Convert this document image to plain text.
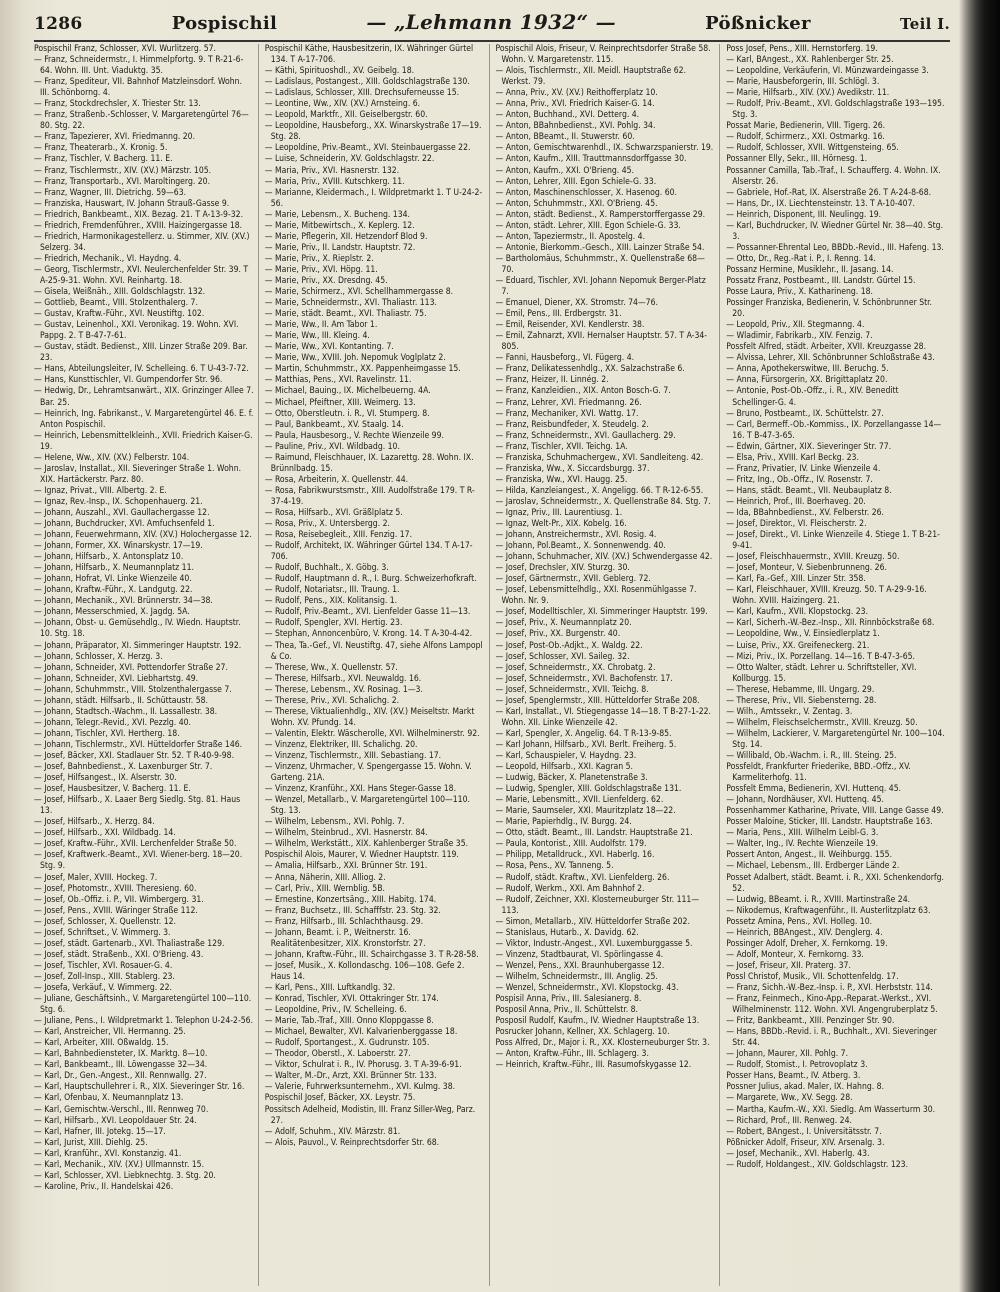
1286	Pospischil	— „Lehmann 1932“ —	Pößnicker	Teil I.

Pospischil Franz, Schlosser, XVI. Wurlitzerg. 57.

— Franz, Schneidermstr., I. Himmelpfortg. 9. T R-21-6-64. Wohn. III. Unt. Viaduktg. 35.

— Franz, Spediteur, VII. Bahnhof Matzleinsdorf. Wohn. III. Schönborng. 4.

— Franz, Stockdrechsler, X. Triester Str. 13.

— Franz, Straßenb.-Schlosser, V. Margaretengürtel 76—80. Stg. 22.

— Franz, Tapezierer, XVI. Friedmanng. 20.

— Franz, Theaterarb., X. Kronig. 5.

— Franz, Tischler, V. Bacherg. 11. E.

— Franz, Tischlermstr., XIV. (XV.) Märzstr. 105.

— Franz, Transportarb., XVI. Maroltingerg. 20.

— Franz, Wagner, III. Dietrichg. 59—63.

— Franziska, Hauswart, IV. Johann Strauß-Gasse 9.

— Friedrich, Bankbeamt., XIX. Bezag. 21. T A-13-9-32.

— Friedrich, Fremdenführer., XVIII. Haizingergasse 18.

— Friedrich, Harmonikagestellerz. u. Stimmer, XIV. (XV.) Selzerg. 34.

— Friedrich, Mechanik., VI. Haydng. 4.

— Georg, Tischlermstr., XVI. Neulerchenfelder Str. 39. T A-25-9-31. Wohn. XVI. Reinhartg. 18.

— Gisela, Weißnäh., XIII. Goldschlagstr. 132.

— Gottlieb, Beamt., VIII. Stolzenthalerg. 7.

— Gustav, Kraftw.-Führ., XVI. Neustiftg. 102.

— Gustav, Leinenhol., XXI. Veronikag. 19. Wohn. XVI. Pappg. 2. T B-47-7-61.

— Gustav, städt. Bedienst., XIII. Linzer Straße 209. Bar. 23.

— Hans, Abteilungsleiter, IV. Schelleing. 6. T U-43-7-72.

— Hans, Kunsttischler, VI. Gumpendorfer Str. 96.

— Hedwig, Dr., Lehramtsanwärt., XIX. Grinzinger Allee 7. Bar. 25.

— Heinrich, Ing. Fabrikanst., V. Margaretengürtel 46. E. f. Anton Pospischil.

— Heinrich, Lebensmittelkleinh., XVII. Friedrich Kaiser-G. 19.

— Helene, Ww., XIV. (XV.) Felberstr. 104.

— Jaroslav, Installat., XII. Sieveringer Straße 1. Wohn. XIX. Hartäckerstr. Parz. 80.

— Ignaz, Privat., VIII. Albertg. 2. E.

— Ignaz, Rev.-Insp., IX. Schopenhauerg. 21.

— Johann, Auszahl., XVI. Gaullachergasse 12.

— Johann, Buchdrucker, XVI. Amfuchsenfeld 1.

— Johann, Feuerwehrmann, XIV. (XV.) Holochergasse 12.

— Johann, Former, XX. Winarskystr. 17—19.

— Johann, Hilfsarb., X. Antonsplatz 10.

— Johann, Hilfsarb., X. Neumannplatz 11.

— Johann, Hofrat, VI. Linke Wienzeile 40.

— Johann, Kraftw.-Führ., X. Landgutg. 22.

— Johann, Mechanik., XVI. Brünnerstr. 34—38.

— Johann, Messerschmied, X. Jagdg. 5A.

— Johann, Obst- u. Gemüsehdlg., IV. Wiedn. Hauptstr. 10. Stg. 18.

— Johann, Präparator, XI. Simmeringer Hauptstr. 192.

— Johann, Schlosser, X. Herzg. 3.

— Johann, Schneider, XVI. Pottendorfer Straße 27.

— Johann, Schneider, XVI. Liebhartstg. 49.

— Johann, Schuhmmstr., VIII. Stolzenthalergasse 7.

— Johann, städt. Hilfsarb., II. Schüttaustr. 58.

— Johann, Stadtsch.-Wachm., II. Lassallestr. 38.

— Johann, Telegr.-Revid., XVI. Pezzlg. 40.

— Johann, Tischler, XVI. Hertherg. 18.

— Johann, Tischlermstr., XVI. Hütteldorfer Straße 146.

— Josef, Bäcker, XXI. Stadlauer Str. 52. T R-40-9-98.

— Josef, Bahnbedienst., X. Laxenburger Str. 7.

— Josef, Hilfsangest., IX. Alserstr. 30.

— Josef, Hausbesitzer, V. Bacherg. 11. E.

— Josef, Hilfsarb., X. Laaer Berg Siedlg. Stg. 81. Haus 13.

— Josef, Hilfsarb., X. Herzg. 84.

— Josef, Hilfsarb., XXI. Wildbadg. 14.

— Josef, Kraftw.-Führ., XVII. Lerchenfelder Straße 50.

— Josef, Kraftwerk.-Beamt., XVI. Wiener-berg. 18—20. Stg. 9.

— Josef, Maler, XVIII. Hockeg. 7.

— Josef, Photomstr., XVIII. Theresieng. 60.

— Josef, Ob.-Offiz. i. P., VII. Wimbergerg. 31.

— Josef, Pens., XVIII. Wäringer Straße 112.

— Josef, Schlosser, X. Quellenstr. 12.

— Josef, Schriftset., V. Wimmerg. 3.

— Josef, städt. Gartenarb., XVI. Thaliastraße 129.

— Josef, städt. Straßenb., XXI. O'Brieng. 43.

— Josef, Tischler, XVI. Rosauer-G. 4.

— Josef, Zoll-Insp., XIII. Stablerg. 23.

— Josefa, Verkäuf., V. Wimmerg. 22.

— Juliane, Geschäftsinh., V. Margaretengürtel 100—110. Stg. 6.

— Juliane, Pens., I. Wildpretmarkt 1. Telephon U-24-2-56.

— Karl, Anstreicher, VII. Hermanng. 25.

— Karl, Arbeiter, XIII. Oßwaldg. 15.

— Karl, Bahnbediensteter, IX. Marktg. 8—10.

— Karl, Bankbeamt., III. Löwengasse 32—34.

— Karl, Dr., Gen.-Angest., XII. Rennwallg. 27.

— Karl, Hauptschullehrer i. R., XIX. Sieveringer Str. 16.

— Karl, Ofenbau, X. Neumannplatz 13.

— Karl, Gemischtw.-Verschl., III. Rennweg 70.

— Karl, Hilfsarb., XVI. Leopoldauer Str. 24.

— Karl, Hafner, III. Jotekg. 15—17.

— Karl, Jurist, XIII. Diehlg. 25.

— Karl, Kranführ., XVI. Konstanzig. 41.

— Karl, Mechanik., XIV. (XV.) Ullmannstr. 15.

— Karl, Schlosser, XVI. Liebknechtg. 3. Stg. 20.

— Karoline, Priv., II. Handelskai 426.

Pospischil Käthe, Hausbesitzerin, IX. Währinger Gürtel 134. T A-17-706.

— Käthi, Spirituoshdl., XV. Geibelg. 18.

— Ladislaus, Postangest., XIII. Goldschlagstraße 130.

— Ladislaus, Schlosser, XIII. Drechsuferneusse 15.

— Leontine, Ww., XIV. (XV.) Arnsteing. 6.

— Leopold, Marktfr., XII. Geiselbergstr. 60.

— Leopoldine, Hausbeforg., XX. Winarskystraße 17—19. Stg. 28.

— Leopoldine, Priv.-Beamt., XVI. Steinbauergasse 22.

— Luise, Schneiderin, XV. Goldschlagstr. 22.

— Maria, Priv., XVI. Hasnerstr. 132.

— Maria, Priv., XVIII. Kutschkerg. 11.

— Marianne, Kleidermach., I. Wildpretmarkt 1. T U-24-2-56.

— Marie, Lebensm., X. Bucheng. 134.

— Marie, Mitbewirtsch., X. Keplerg. 12.

— Marie, Pflegerin, XII. Hetzendorf Blod 9.

— Marie, Priv., II. Landstr. Hauptstr. 72.

— Marie, Priv., X. Rieplstr. 2.

— Marie, Priv., XVI. Höpg. 11.

— Marie, Priv., XX. Dresdng. 45.

— Marie, Schirmerz., XVI. Schellhammergasse 8.

— Marie, Schneidermstr., XVI. Thaliastr. 113.

— Marie, städt. Beamt., XVI. Thaliastr. 75.

— Marie, Ww., II. Am Tabor 1.

— Marie, Ww., III. Kleing. 4.

— Marie, Ww., XVI. Kontanting. 7.

— Marie, Ww., XVIII. Joh. Nepomuk Voglplatz 2.

— Martin, Schuhmmstr., XX. Pappenheimgasse 15.

— Matthias, Pens., XVI. Ravelinstr. 11.

— Michael, Bauing., IX. Michelbeuerng. 4A.

— Michael, Pfeiftner, XIII. Weimerg. 13.

— Otto, Oberstleutn. i. R., VI. Stumperg. 8.

— Paul, Bankbeamt., XV. Staalg. 14.

— Paula, Hausbesorg., V. Rechte Wienzeile 99.

— Pauline, Priv., XVI. Wildbadg. 10.

— Raimund, Fleischhauer, IX. Lazarettg. 28. Wohn. IX. Brünnlbadg. 15.

— Rosa, Arbeiterin, X. Quellenstr. 44.

— Rosa, Fabrikwurstsmstr., XIII. Audolfstraße 179. T R-37-4-19.

— Rosa, Hilfsarb., XVI. Gräßlplatz 5.

— Rosa, Priv., X. Untersbergg. 2.

— Rosa, Reisebegleit., XIII. Fenzig. 17.

— Rudolf, Architekt, IX. Währinger Gürtel 134. T A-17-706.

— Rudolf, Buchhalt., X. Göbg. 3.

— Rudolf, Hauptmann d. R., I. Burg. Schweizerhofkraft.

— Rudolf, Notariatsr., III. Traung. 1.

— Rudolf, Pens., XIX. Kolitansig. 1.

— Rudolf, Priv.-Beamt., XVI. Lienfelder Gasse 11—13.

— Rudolf, Spengler, XVI. Hertig. 23.

— Stephan, Annoncenbüro, V. Krong. 14. T A-30-4-42.

— Thea, Ta.-Gef., VI. Neustiftg. 47, siehe Alfons Lampopl & Co.

— Therese, Ww., X. Quellenstr. 57.

— Therese, Hilfsarb., XVI. Neuwaldg. 16.

— Therese, Lebensm., XV. Rosinag. 1—3.

— Therese, Priv., XVI. Schalichg. 2.

— Therese, Viktualienhdlg., XIV. (XV.) Meiseltstr. Markt Wohn. XV. Pfundg. 14.

— Valentin, Elektr. Wäscherolle, XVI. Wilhelminerstr. 92.

— Vinzenz, Elektriker, III. Schalichg. 20.

— Vinzenz, Tischlermstr., XIII. Sebastiang. 17.

— Vinzenz, Uhrmacher, V. Spengergasse 15. Wohn. V. Garteng. 21A.

— Vinzenz, Kranführ., XXI. Hans Steger-Gasse 18.

— Wenzel, Metallarb., V. Margaretengürtel 100—110. Stg. 13.

— Wilhelm, Lebensm., XVI. Pohlg. 7.

— Wilhelm, Steinbrud., XVI. Hasnerstr. 84.

— Wilhelm, Werkstätt., XIX. Kahlenberger Straße 35.

Pospischil Alois, Maurer, V. Wiedner Hauptstr. 119.

— Amalia, Hilfsarb., XXI. Brünner Str. 191.

— Anna, Näherin, XIII. Alliog. 2.

— Carl, Priv., XIII. Wernblig. 5B.

— Ernestine, Konzertsäng., XIII. Habitg. 174.

— Franz, Buchsetz., III. Schafffstr. 23. Stg. 32.

— Franz, Hilfsarb., III. Schlachthausg. 29.

— Johann, Beamt. i. P., Weitnerstr. 16. Realitätenbesitzer, XIX. Kronstorfstr. 27.

— Johann, Kraftw.-Führ., III. Schairchgasse 3. T R-28-58.

— Josef, Musik., X. Kollondaschg. 106—108. Gefe 2. Haus 14.

— Karl, Pens., XIII. Luftkandlg. 32.

— Konrad, Tischler, XVI. Ottakringer Str. 174.

— Leopoldine, Priv., IV. Schelleing. 6.

— Marie, Tab.-Traf., XIII. Onno Kloppgasse 8.

— Michael, Bewalter, XVI. Kalvarienberggasse 18.

— Rudolf, Sportangest., X. Gudrunstr. 105.

— Theodor, Oberstl., X. Laboerstr. 27.

— Viktor, Schulrat i. R., IV. Phorusg. 3. T A-39-6-91.

— Walter, M.-Dr., Arzt, XXI. Brünner Str. 133.

— Valerie, Fuhrwerksunternehm., XVI. Kulmg. 38.

Pospischil Josef, Bäcker, XX. Leystr. 75.

Possitsch Adelheid, Modistin, III. Franz Siller-Weg, Parz. 27.

— Adolf, Schuhm., XIV. Märzstr. 81.

— Alois, Pauvol., V. Reinprechtsdorfer Str. 68.

Pospischil Alois, Friseur, V. Reinprechtsdorfer Straße 58. Wohn. V. Margaretenstr. 115.

— Alois, Tischlermstr., XII. Meidl. Hauptstraße 62. Werkst. 79.

— Anna, Priv., XV. (XV.) Reithofferplatz 10.

— Anna, Priv., XVI. Friedrich Kaiser-G. 14.

— Anton, Buchhand., XVI. Detterg. 4.

— Anton, BBahnbedienst., XVI. Pohlg. 34.

— Anton, BBeamt., II. Stuwerstr. 60.

— Anton, Gemischtwarenhdl., IX. Schwarzspanierstr. 19.

— Anton, Kaufm., XIII. Trauttmannsdorffgasse 30.

— Anton, Kaufm., XXI. O'Brieng. 45.

— Anton, Lehrer, XIII. Egon Schiele-G. 33.

— Anton, Maschinenschlosser, X. Hasenog. 60.

— Anton, Schuhmmstr., XXI. O'Brieng. 45.

— Anton, städt. Bedienst., X. Ramperstorffergasse 29.

— Anton, städt. Lehrer, XIII. Egon Schiele-G. 33.

— Anton, Tapeziermstr., II. Apostelg. 4.

— Antonie, Bierkomm.-Gesch., XIII. Lainzer Straße 54.

— Bartholomäus, Schuhmmstr., X. Quellenstraße 68—70.

— Eduard, Tischler, XVI. Johann Nepomuk Berger-Platz 7.

— Emanuel, Diener, XX. Stromstr. 74—76.

— Emil, Pens., III. Erdbergstr. 31.

— Emil, Reisender, XVI. Kendlerstr. 38.

— Emil, Zahnarzt, XVII. Hernalser Hauptstr. 57. T A-34-805.

— Fanni, Hausbeforg., VI. Fügerg. 4.

— Franz, Delikatessenhdlg., XX. Salzachstraße 6.

— Franz, Heizer, II. Linnég. 2.

— Franz, Kanzleidien., XIX. Anton Bosch-G. 7.

— Franz, Lehrer, XVI. Friedmanng. 26.

— Franz, Mechaniker, XVI. Wattg. 17.

— Franz, Reisbundfeder, X. Steudelg. 2.

— Franz, Schneidermstr., XVI. Gaullacherg. 29.

— Franz, Tischler, XVII. Teichg. 1A.

— Franziska, Schuhmachergew., XVI. Sandleiteng. 42.

— Franziska, Ww., X. Siccardsburgg. 37.

— Franziska, Ww., XVI. Haugg. 25.

— Hilda, Kanzleiangest., X. Angeligg. 66. T R-12-6-55.

— Jaroslav, Schneidermstr., X. Quellenstraße 84. Stg. 7.

— Ignaz, Priv., III. Laurentiusg. 1.

— Ignaz, Welt-Pr., XIX. Kobelg. 16.

— Johann, Anstreichermstr., XVI. Rosig. 4.

— Johann, Pol.Beamt., X. Sonnenwendg. 40.

— Johann, Schuhmacher, XIV. (XV.) Schwendergasse 42.

— Josef, Drechsler, XIV. Sturzg. 30.

— Josef, Gärtnermstr., XVII. Geblerg. 72.

— Josef, Lebensmittelhdlg., XXI. Rosenmühlgasse 7. Wohn. Nr. 9.

— Josef, Modelltischler, XI. Simmeringer Hauptstr. 199.

— Josef, Priv., X. Neumannplatz 20.

— Josef, Priv., XX. Burgenstr. 40.

— Josef, Post-Ob.-Adjkt., X. Waldg. 22.

— Josef, Schlosser, XVI. Saileg. 32.

— Josef, Schneidermstr., XX. Chrobatg. 2.

— Josef, Schneidermstr., XVI. Bachofenstr. 17.

— Josef, Schneidermstr., XVII. Teichg. 8.

— Josef, Spenglermstr., XIII. Hütteldorfer Straße 208.

— Karl, Installat., VI. Stiegengasse 14—18. T B-27-1-22. Wohn. XII. Linke Wienzeile 42.

— Karl, Spengler, X. Angelig. 64. T R-13-9-85.

— Karl Johann, Hilfsarb., XVI. Berlt. Freiherg. 5.

— Karl, Schauspieler, V. Haydng. 23.

— Leopold, Hilfsarb., XXI. Kagran 5.

— Ludwig, Bäcker, X. Planetenstraße 3.

— Ludwig, Spengler, XIII. Goldschlagstraße 131.

— Marie, Lebensmitt., XVII. Lienfelderg. 62.

— Marie, Saumseler, XXI. Mauritzplatz 18—22.

— Marie, Papierhdlg., IV. Burgg. 24.

— Otto, städt. Beamt., III. Landstr. Hauptstraße 21.

— Paula, Kontorist., XIII. Audolfstr. 179.

— Philipp, Metalldruck., XVI. Haberlg. 16.

— Rosa, Pens., XV. Tanneng. 5.

— Rudolf, städt. Kraftw., XVI. Lienfelderg. 26.

— Rudolf, Werkm., XXI. Am Bahnhof 2.

— Rudolf, Zeichner, XXI. Klosterneuburger Str. 111—113.

— Simon, Metallarb., XIV. Hütteldorfer Straße 202.

— Stanislaus, Hutarb., X. Davidg. 62.

— Viktor, Industr.-Angest., XVI. Luxemburggasse 5.

— Vinzenz, Stadtbaurat, VI. Spörlingasse 4.

— Wenzel, Pens., XXI. Braunhubergasse 12.

— Wilhelm, Schneidermstr., III. Anglig. 25.

— Wenzel, Schneidermstr., XVI. Klopstockg. 43.

Pospisil Anna, Priv., III. Salesianerg. 8.

Posposil Anna, Priv., II. Schüttelstr. 8.

Posposil Rudolf, Kaufm., IV. Wiedner Hauptstraße 13.

Posrucker Johann, Kellner, XX. Schlagerg. 10.

Poss Alfred, Dr., Major i. R., XX. Klosterneuburger Str. 3.

— Anton, Kraftw.-Führ., III. Schlagerg. 3.

— Heinrich, Kraftw.-Führ., III. Rasumofskygasse 12.

Poss Josef, Pens., XIII. Hernstorferg. 19.

— Karl, BAngest., XX. Rahlenberger Str. 25.

— Leopoldine, Verkäuferin, VI. Münzwardeingasse 3.

— Marie, Hausbeforgerin, III. Schlögl. 3.

— Marie, Hilfsarb., XIV. (XV.) Avedikstr. 11.

— Rudolf, Priv.-Beamt., XVI. Goldschlagstraße 193—195. Stg. 3.

Possat Marie, Bedienerin, VIII. Tigerg. 26.

— Rudolf, Schirmerz., XXI. Ostmarkg. 16.

— Rudolf, Schlosser, XVII. Wittgensteing. 65.

Possanner Elly, Sekr., III. Hörnesg. 1.

Possanner Camilla, Tab.-Traf., I. Schaufferg. 4. Wohn. IX. Alserstr. 26.

— Gabriele, Hof.-Rat, IX. Alserstraße 26. T A-24-8-68.

— Hans, Dr., IX. Liechtensteinstr. 13. T A-10-407.

— Heinrich, Disponent, III. Neulingg. 19.

— Karl, Buchdrucker, IV. Wiedner Gürtel Nr. 38—40. Stg. 3.

— Possanner-Ehrental Leo, BBDb.-Revid., III. Hafeng. 13.

— Otto, Dr., Reg.-Rat i. P., I. Renng. 14.

Possanz Hermine, Musiklehr., II. Jasang. 14.

Possatz Franz, Postbeamt., III. Landstr. Gürtel 15.

Posse Laura, Priv., X. Katharineng. 18.

Possinger Franziska, Bedienerin, V. Schönbrunner Str. 20.

— Leopold, Priv., XII. Stegmanng. 4.

— Wladimir, Fabrikarb., XIV. Fenzig. 7.

Possfelt Alfred, städt. Arbeiter, XVII. Kreuzgasse 28.

— Alvissa, Lehrer, XII. Schönbrunner Schloßstraße 43.

— Anna, Apothekerswitwe, III. Beruchg. 5.

— Anna, Fürsorgerin, XX. Brigittaplatz 20.

— Antonie, Post-Ob.-Offz., i. R., XIV. Beneditt Schellinger-G. 4.

— Bruno, Postbeamt., IX. Schüttelstr. 27.

— Carl, Bermeff.-Ob.-Kommiss., IX. Porzellangasse 14—16. T B-47-3-65.

— Edwin, Gärtner, XIX. Sieveringer Str. 77.

— Elsa, Priv., XVIII. Karl Beckg. 23.

— Franz, Privatier, IV. Linke Wienzeile 4.

— Fritz, Ing., Ob.-Offz., IV. Rosenstr. 7.

— Hans, städt. Beamt., VII. Neubauplatz 8.

— Heinrich, Prof., III. Boerhaveg. 20.

— Ida, BBahnbedienst., XV. Felberstr. 26.

— Josef, Direktor., VI. Fleischerstr. 2.

— Josef, Direkt., VI. Linke Wienzeile 4. Stiege 1. T B-21-9-41.

— Josef, Fleischhauermstr., XVIII. Kreuzg. 50.

— Josef, Monteur, V. Siebenbrunneng. 26.

— Karl, Fa.-Gef., XIII. Linzer Str. 358.

— Karl, Fleischhauer, XVIII. Kreuzg. 50. T A-29-9-16. Wohn. XVIII. Haizingerg. 21.

— Karl, Kaufm., XVII. Klopstockg. 23.

— Karl, Sicherh.-W.-Bez.-Insp., XII. Rinnböckstraße 68.

— Leopoldine, Ww., V. Einsiedlerplatz 1.

— Luise, Priv., XX. Greifeneckerg. 21.

— Mizi, Priv., IX. Porzellang. 14—16. T B-47-3-65.

— Otto Walter, städt. Lehrer u. Schriftsteller, XVI. Kollburgg. 15.

— Therese, Hebamme, III. Ungarg. 29.

— Therese, Priv., VII. Siebensterng. 28.

— Wilh., Amtssekr., V. Zentag. 3.

— Wilhelm, Fleischselchermstr., XVIII. Kreuzg. 50.

— Wilhelm, Lackierer, V. Margaretengürtel Nr. 100—104. Stg. 14.

— Willibald, Ob.-Wachm. i. R., III. Steing. 25.

Possfeldt, Frankfurter Friederike, BBD.-Offz., XV. Karmeliterhofg. 11.

Possfelt Emma, Bedienerin, XVI. Huttenq. 45.

— Johann, Nordhäuser, XVI. Huttenq. 45.

Possenhammer Katharine, Private, VIII. Lange Gasse 49.

Posser Maloine, Sticker, III. Landstr. Hauptstraße 163.

— Maria, Pens., XIII. Wilhelm Leibl-G. 3.

— Walter, Ing., IV. Rechte Wienzeile 19.

Possert Anton, Angest., II. Weihburgg. 155.

— Michael, Lebensm., III. Erdberger Lände 2.

Posset Adalbert, städt. Beamt. i. R., XXI. Schenkendorfg. 52.

— Ludwig, BBeamt. i. R., XVIII. Martinstraße 24.

— Nikodemus, Kraftwagenführ., II. Austerlitzplatz 63.

Possetz Amina, Pens., XVI. Holleg. 10.

— Heinrich, BBAngest., XIV. Denglerg. 4.

Possinger Adolf, Dreher, X. Fernkorng. 19.

— Adolf, Monteur, X. Fernkorng. 33.

— Josef, Friseur, XII. Praterg. 37.

Possl Christof, Musik., VII. Schottenfeldg. 17.

— Franz, Sichh.-W.-Bez.-Insp. i. P., XVI. Herbststr. 114.

— Franz, Feinmech., Kino-App.-Reparat.-Werkst., XVI. Wilhelminenstr. 112. Wohn. XVI. Angengruberplatz 5.

— Fritz, Bankbeamt., XIII. Penzinger Str. 90.

— Hans, BBDb.-Revid. i. R., Buchhalt., XVI. Sieveringer Str. 44.

— Johann, Maurer, XII. Pohlg. 7.

— Rudolf, Stomist., I. Petrovoplatz 3.

Posser Hans, Beamt., IV. Atberg. 3.

Possner Julius, akad. Maler, IX. Hahng. 8.

— Margarete, Ww., XV. Segg. 28.

— Martha, Kaufm.-W., XXI. Siedlg. Am Wasserturm 30.

— Richard, Prof., III. Renweg. 24.

— Robert, BAngest., I. Universitätsstr. 7.

Pößnicker Adolf, Friseur, XIV. Arsenalg. 3.

— Josef, Mechanik., XVI. Haberlg. 43.

— Rudolf, Holdangest., XIV. Goldschlagstr. 123.
